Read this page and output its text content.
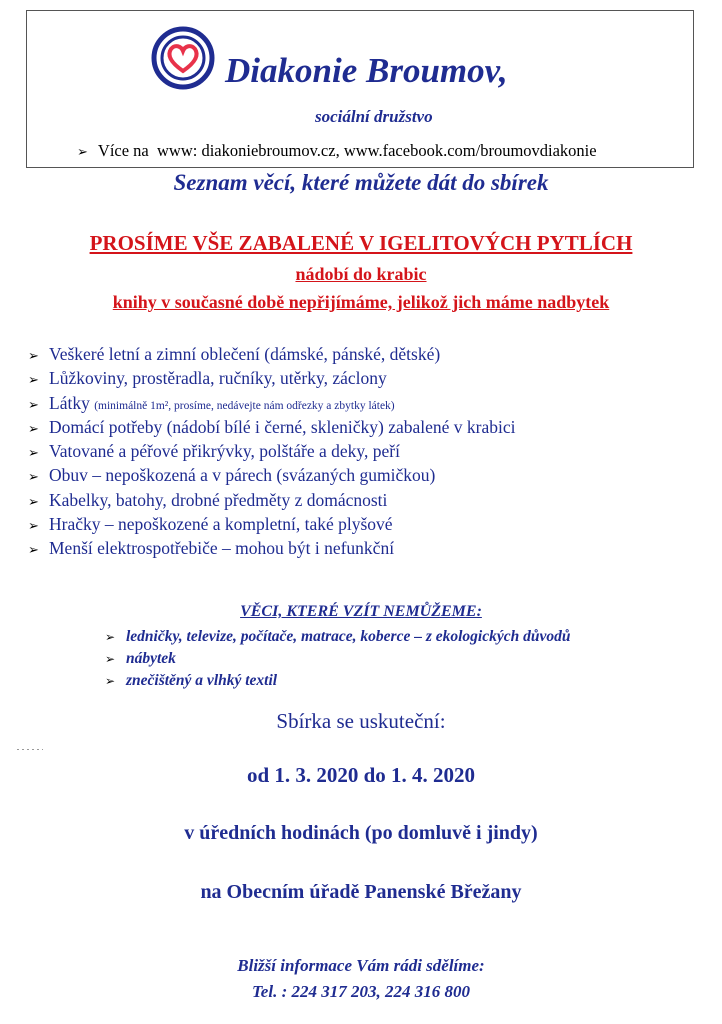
Diakonie Broumov,
sociální družstvo
➢ Více na www: diakoniebroumov.cz, www.facebook.com/broumovdiakonie
Seznam věcí, které můžete dát do sbírek
PROSÍME VŠE ZABALENÉ V IGELITOVÝCH PYTLÍCH
nádobí do krabic
knihy v současné době nepřijímáme, jelikož jich máme nadbytek
➢ Veškeré letní a zimní oblečení (dámské, pánské, dětské)
➢ Lůžkoviny, prostěradla, ručníky, utěrky, záclony
➢ Látky (minimálně 1m², prosíme, nedávejte nám odřezky a zbytky látek)
➢ Domácí potřeby (nádobí bílé i černé, skleničky) zabalené v krabici
➢ Vatované a péřové přikrývky, polštáře a deky, peří
➢ Obuv – nepoškozená a v párech (svázaných gumičkou)
➢ Kabelky, batohy, drobné předměty z domácnosti
➢ Hračky – nepoškozené a kompletní, také plyšové
➢ Menší elektrospotřebiče – mohou být i nefunkční
VĚCI, KTERÉ VZÍT NEMŮŽEME:
➢ ledničky, televize, počítače, matrace, koberce – z ekologických důvodů
➢ nábytek
➢ znečištěný a vlhký textil
Sbírka se uskuteční:
od 1. 3. 2020 do 1. 4. 2020
v úředních hodinách (po domluvě i jindy)
na Obecním úřadě Panenské Břežany
Bližší informace Vám rádi sdělíme:
Tel. : 224 317 203, 224 316 800
